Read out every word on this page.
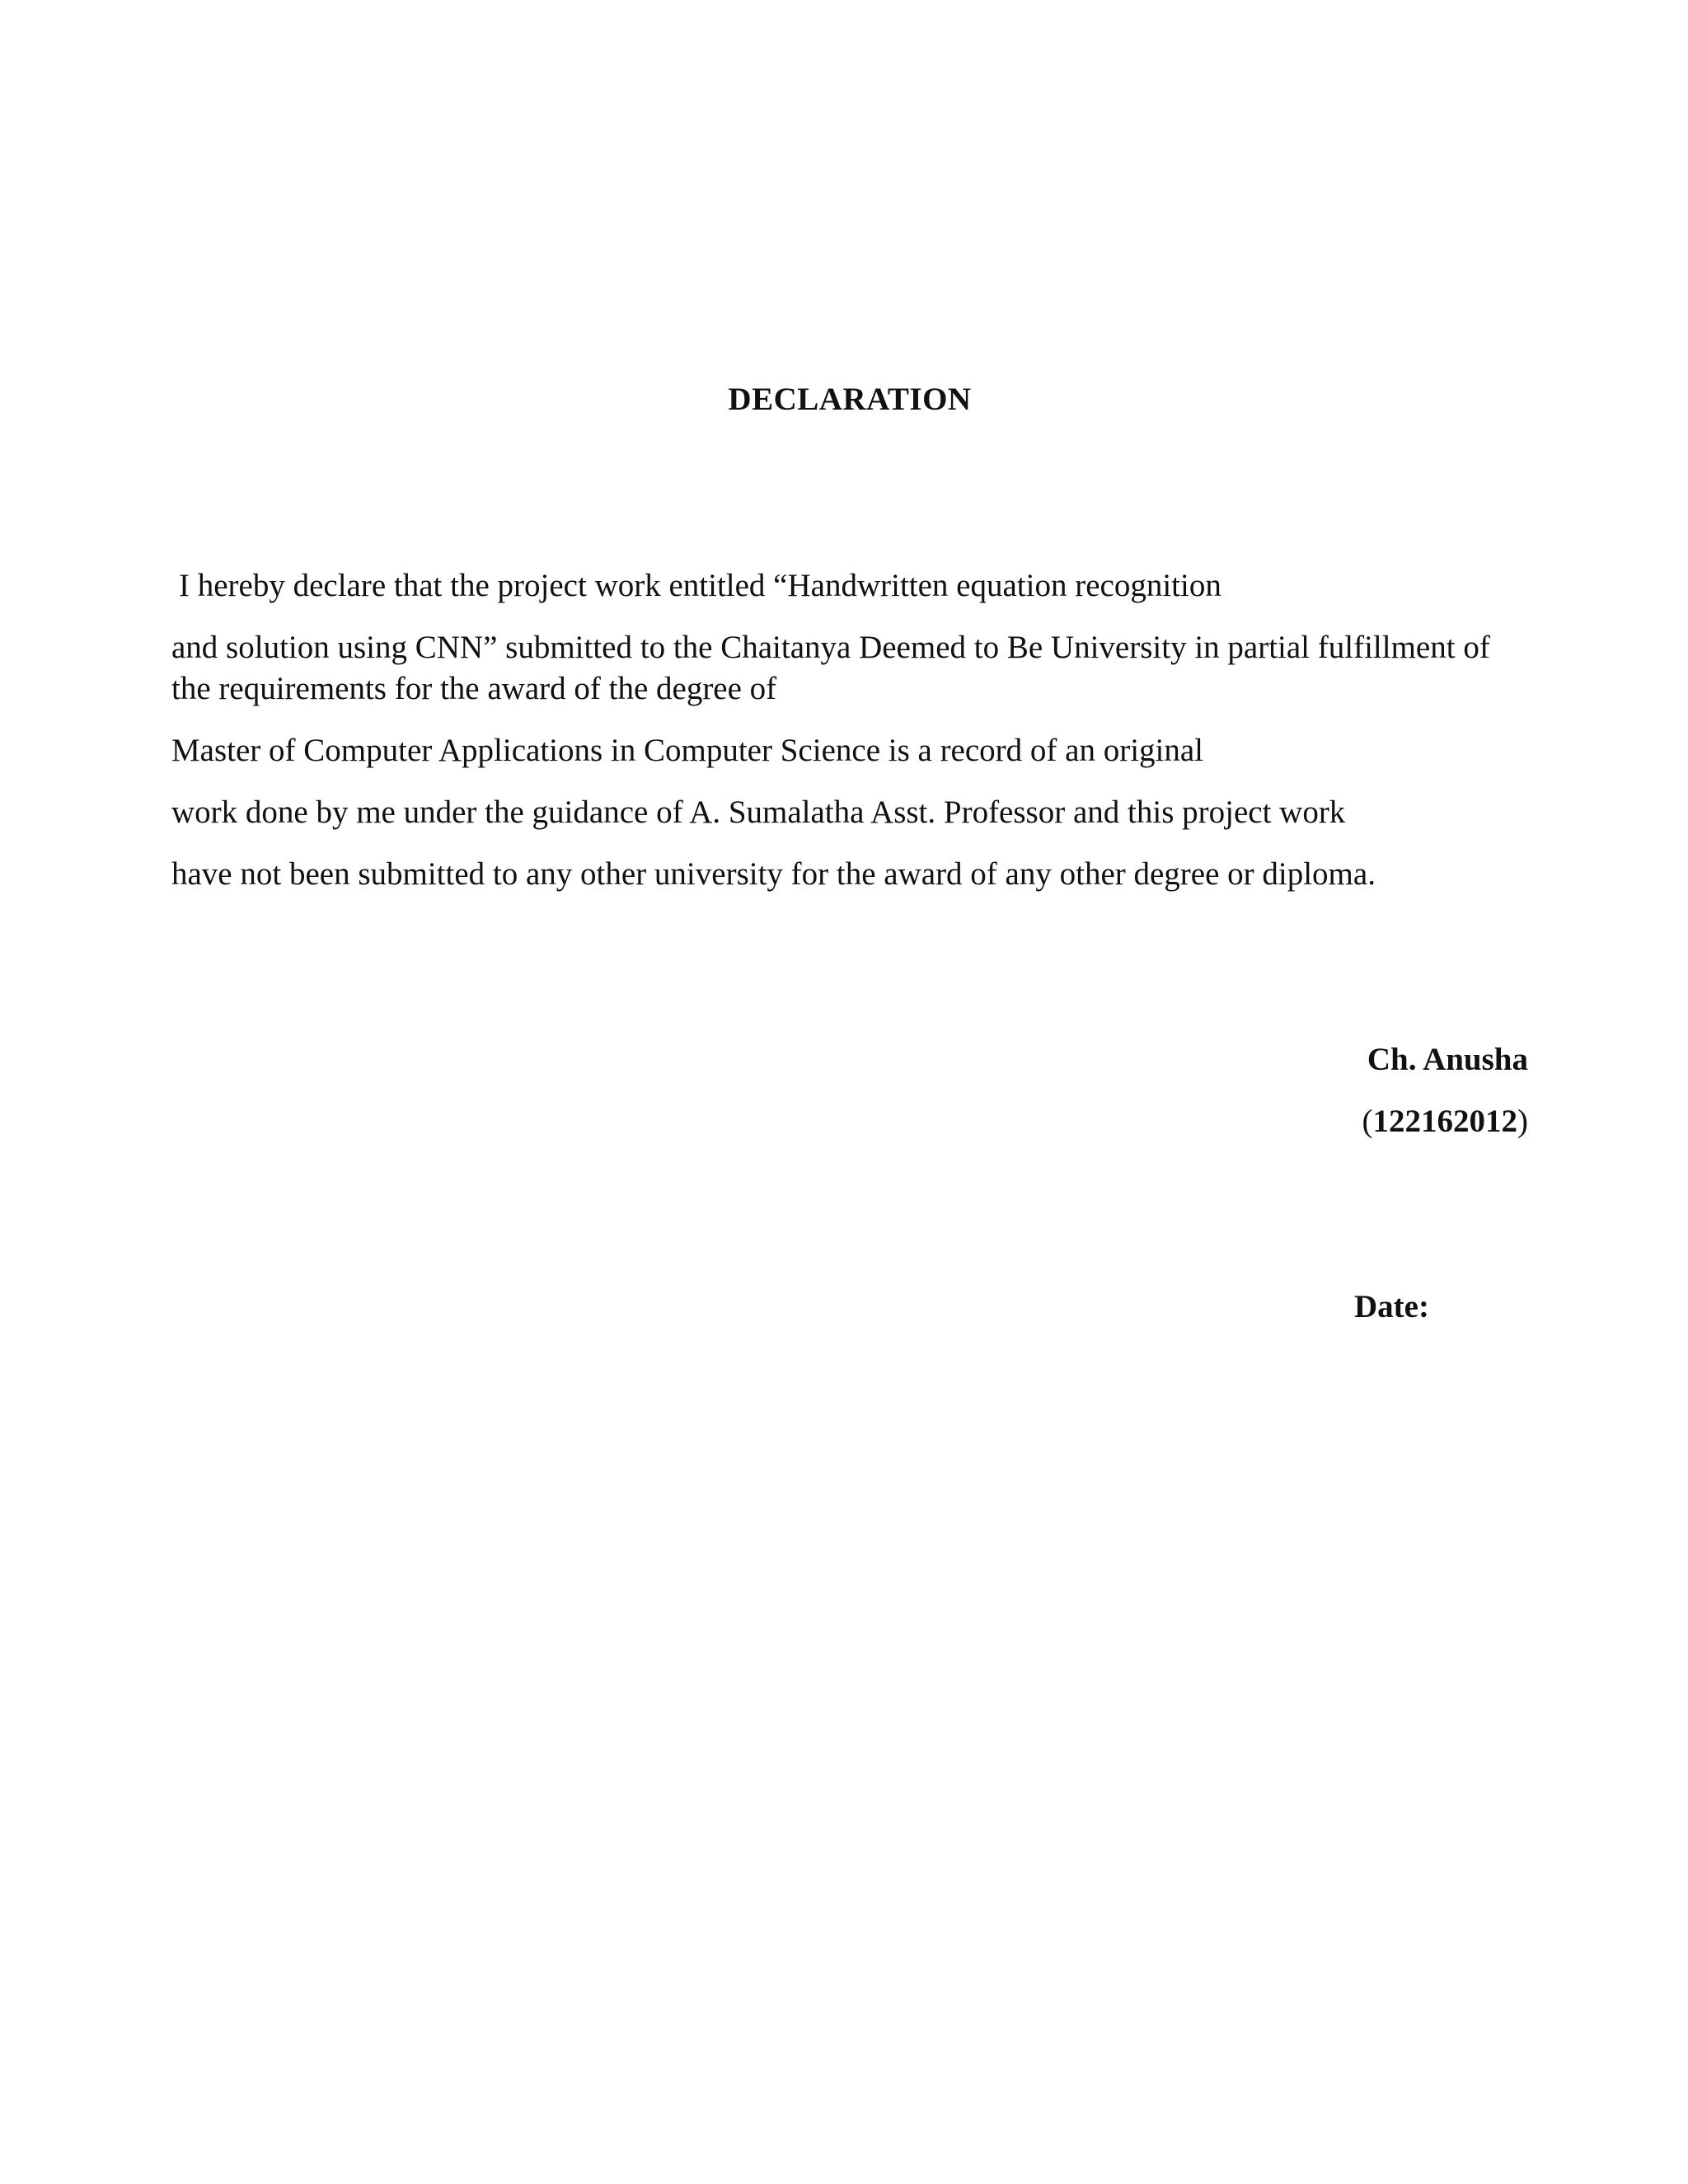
DECLARATION

I hereby declare that the project work entitled “Handwritten equation recognition

and solution using CNN” submitted to the Chaitanya Deemed to Be University in partial fulfillment of

the requirements for the award of the degree of

Master of Computer Applications in Computer Science is a record of an original

work done by me under the guidance of A. Sumalatha Asst. Professor and this project work

have not been submitted to any other university for the award of any other degree or diploma.

Ch. Anusha

(122162012)

Date:
